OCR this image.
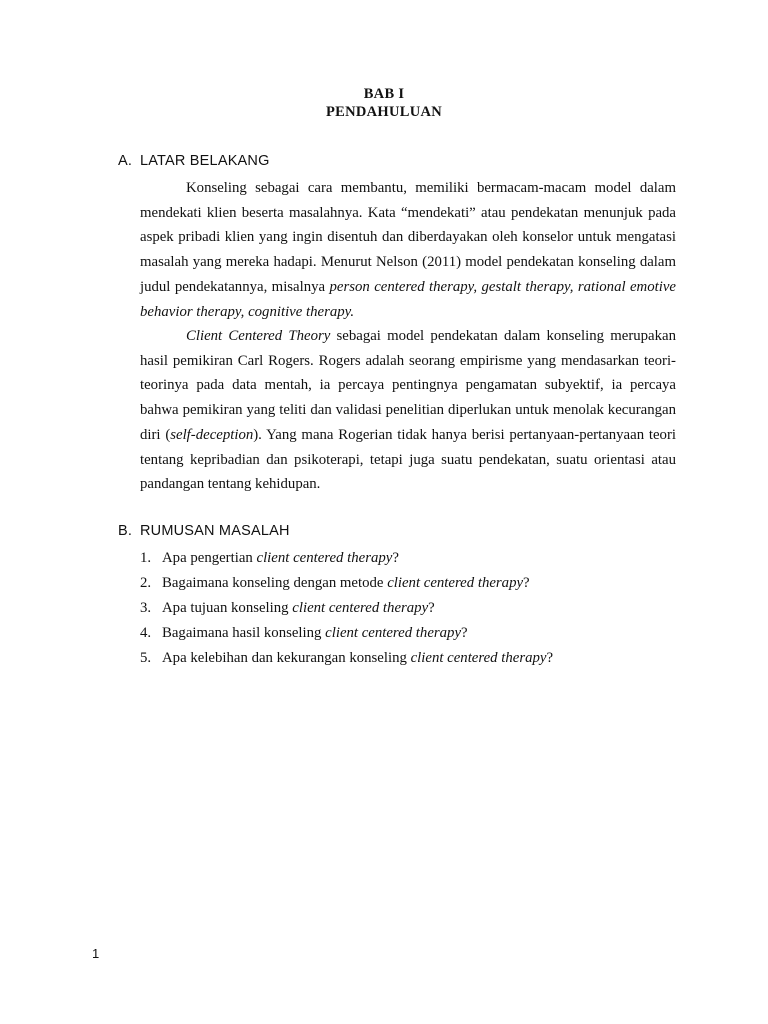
BAB I
PENDAHULUAN
A. LATAR BELAKANG

Konseling sebagai cara membantu, memiliki bermacam-macam model dalam mendekati klien beserta masalahnya. Kata “mendekati” atau pendekatan menunjuk pada aspek pribadi klien yang ingin disentuh dan diberdayakan oleh konselor untuk mengatasi masalah yang mereka hadapi. Menurut Nelson (2011) model pendekatan konseling dalam judul pendekatannya, misalnya person centered therapy, gestalt therapy, rational emotive behavior therapy, cognitive therapy.

Client Centered Theory sebagai model pendekatan dalam konseling merupakan hasil pemikiran Carl Rogers. Rogers adalah seorang empirisme yang mendasarkan teori-teorinya pada data mentah, ia percaya pentingnya pengamatan subyektif, ia percaya bahwa pemikiran yang teliti dan validasi penelitian diperlukan untuk menolak kecurangan diri (self-deception). Yang mana Rogerian tidak hanya berisi pertanyaan-pertanyaan teori tentang kepribadian dan psikoterapi, tetapi juga suatu pendekatan, suatu orientasi atau pandangan tentang kehidupan.

B. RUMUSAN MASALAH
1. Apa pengertian client centered therapy?
2. Bagaimana konseling dengan metode client centered therapy?
3. Apa tujuan konseling client centered therapy?
4. Bagaimana hasil konseling client centered therapy?
5. Apa kelebihan dan kekurangan konseling client centered therapy?
1
